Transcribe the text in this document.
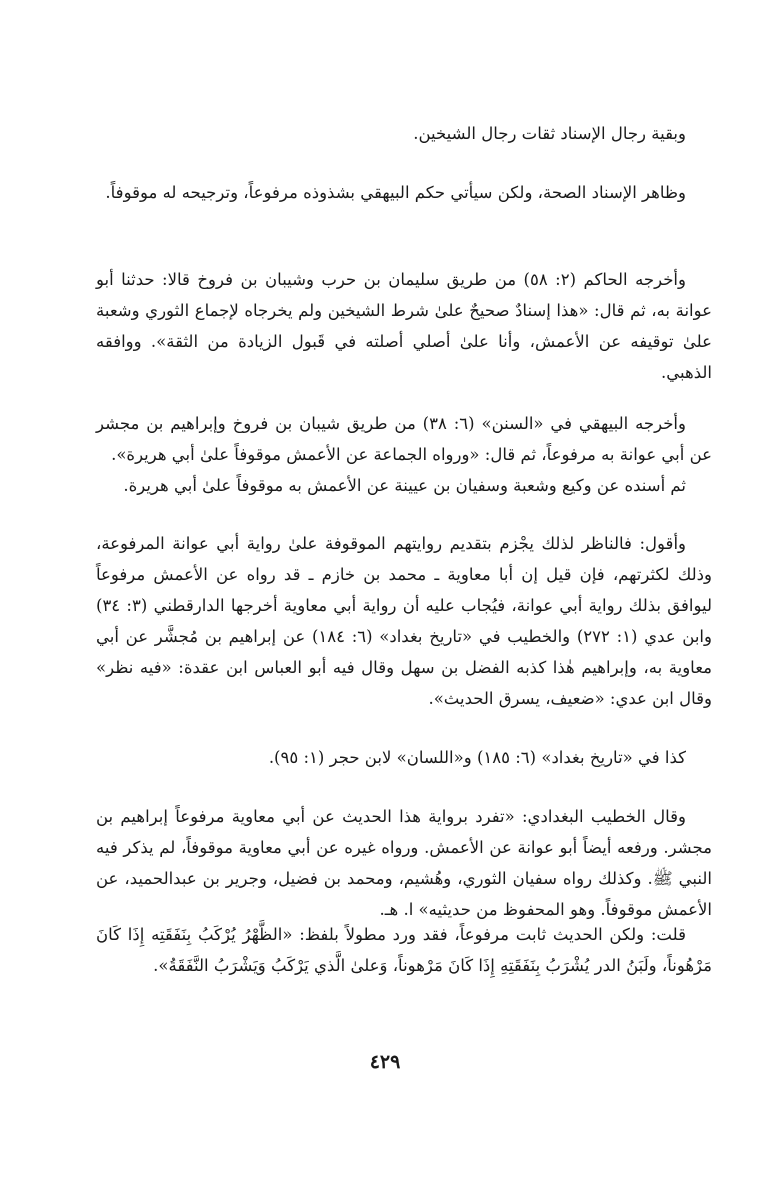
وبقية رجال الإسناد ثقات رجال الشيخين.

وظاهر الإسناد الصحة، ولكن سيأتي حكم البيهقي بشذوذه مرفوعاً، وترجيحه له موقوفاً.

وأخرجه الحاكم (٢: ٥٨) من طريق سليمان بن حرب وشيبان بن فروخ قالا: حدثنا أبو عوانة به، ثم قال: «هذا إسنادٌ صحيحٌ علىٰ شرط الشيخين ولم يخرجاه لإجماع الثوري وشعبة علىٰ توقيفه عن الأعمش، وأنا علىٰ أصلي أصلته في قَبول الزيادة من الثقة». ووافقه الذهبي.

وأخرجه البيهقي في «السنن» (٦: ٣٨) من طريق شيبان بن فروخ وإبراهيم بن مجشر عن أبي عوانة به مرفوعاً، ثم قال: «ورواه الجماعة عن الأعمش موقوفاً علىٰ أبي هريرة».

ثم أسنده عن وكيع وشعبة وسفيان بن عيينة عن الأعمش به موقوفاً علىٰ أبي هريرة.

وأقول: فالناظر لذلك يجْزم بتقديم روايتهم الموقوفة علىٰ رواية أبي عوانة المرفوعة، وذلك لكثرتهم، فإن قيل إن أبا معاوية ـ محمد بن خازم ـ قد رواه عن الأعمش مرفوعاً ليوافق بذلك رواية أبي عوانة، فيُجاب عليه أن رواية أبي معاوية أخرجها الدارقطني (٣: ٣٤) وابن عدي (١: ٢٧٢) والخطيب في «تاريخ بغداد» (٦: ١٨٤) عن إبراهيم بن مُجشَّر عن أبي معاوية به، وإبراهيم هٰذا كذبه الفضل بن سهل وقال فيه أبو العباس ابن عقدة: «فيه نظر» وقال ابن عدي: «ضعيف، يسرق الحديث».

كذا في «تاريخ بغداد» (٦: ١٨٥) و«اللسان» لابن حجر (١: ٩٥).

وقال الخطيب البغدادي: «تفرد برواية هذا الحديث عن أبي معاوية مرفوعاً إبراهيم بن مجشر. ورفعه أيضاً أبو عوانة عن الأعمش. ورواه غيره عن أبي معاوية موقوفاً، لم يذكر فيه النبي ﷺ. وكذلك رواه سفيان الثوري، وهُشيم، ومحمد بن فضيل، وجرير بن عبدالحميد، عن الأعمش موقوفاً. وهو المحفوظ من حديثيه» ا. هـ.

قلت: ولكن الحديث ثابت مرفوعاً، فقد ورد مطولاً بلفظ: «الظَّهْرُ يُرْكَبُ بِنَفَقَتِه إِذَا كَانَ مَرْهُوناً، ولَبَنُ الدر يُشْرَبُ بِنَفَقَتِهِ إِذَا كَانَ مَرْهوناً، وَعلىٰ الَّذي يَرْكَبُ وَيَشْرَبُ النَّفَقَةُ».

٤٢٩
